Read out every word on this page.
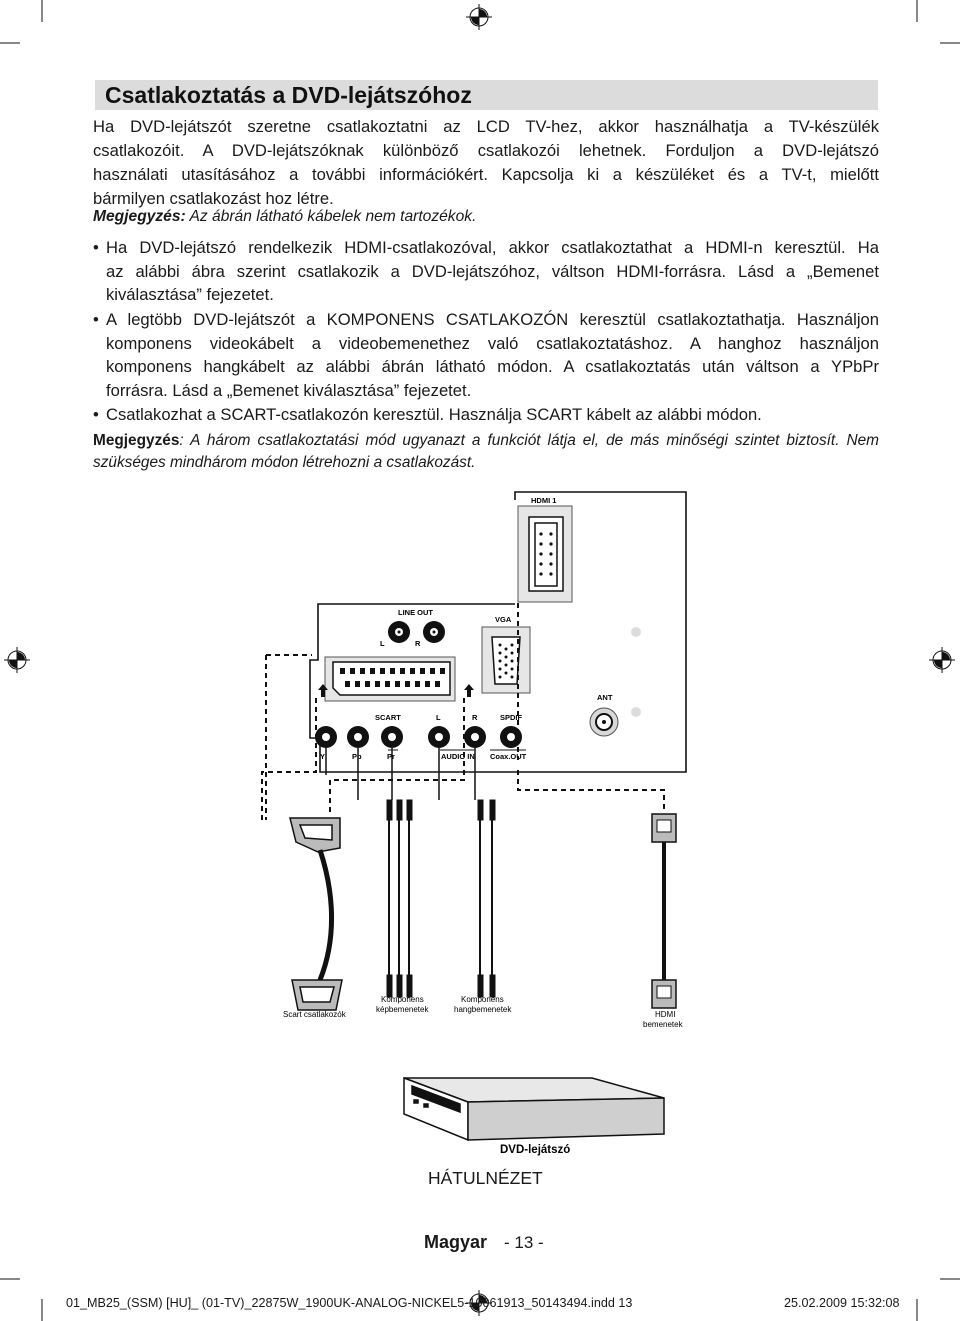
Csatlakoztatás a DVD-lejátszóhoz
Ha DVD-lejátszót szeretne csatlakoztatni az LCD TV-hez, akkor használhatja a TV-készülék
csatlakozóit. A DVD-lejátszóknak különböző csatlakozói lehetnek. Forduljon a DVD-lejátszó
használati utasításához a további információkért. Kapcsolja ki a készüléket és a TV-t, mielőtt
bármilyen csatlakozást hoz létre.
Megjegyzés: Az ábrán látható kábelek nem tartozékok.
• Ha DVD-lejátszó rendelkezik HDMI-csatlakozóval, akkor csatlakoztathat a HDMI-n keresztül. Ha
az alábbi ábra szerint csatlakozik a DVD-lejátszóhoz, váltson HDMI-forrásra. Lásd a „Bemenet
kiválasztása” fejezetet.
• A legtöbb DVD-lejátszót a KOMPONENS CSATLAKOZÓN keresztül csatlakoztathatja. Használjon
komponens videokábelt a videobemenethez való csatlakoztatáshoz. A hanghoz használjon
komponens hangkábelt az alábbi ábrán látható módon. A csatlakoztatás után váltson a YPbPr
forrásra. Lásd a „Bemenet kiválasztása” fejezetet.
• Csatlakozhat a SCART-csatlakozón keresztül. Használja SCART kábelt az alábbi módon.
Megjegyzés: A három csatlakoztatási mód ugyanazt a funkciót látja el, de más minőségi szintet biztosít. Nem
szükséges mindhárom módon létrehozni a csatlakozást.
HDMI 1
LINE OUT
L	R
VGA
SCART	L	R	SPDIF
ANT
Y	Pb	Pr	AUDIO IN Coax.OUT
Scart csatlakozók
Komponens
képbemenetek
Komponens
hangbemenetek
HDMI
bemenetek
DVD-lejátszó
HÁTULNÉZET
Magyar - 13 -
01_MB25_(SSM) [HU]_ (01-TV)_22875W_1900UK-ANALOG-NICKEL5-10061913_50143494.indd 13	25.02.2009 15:32:08
